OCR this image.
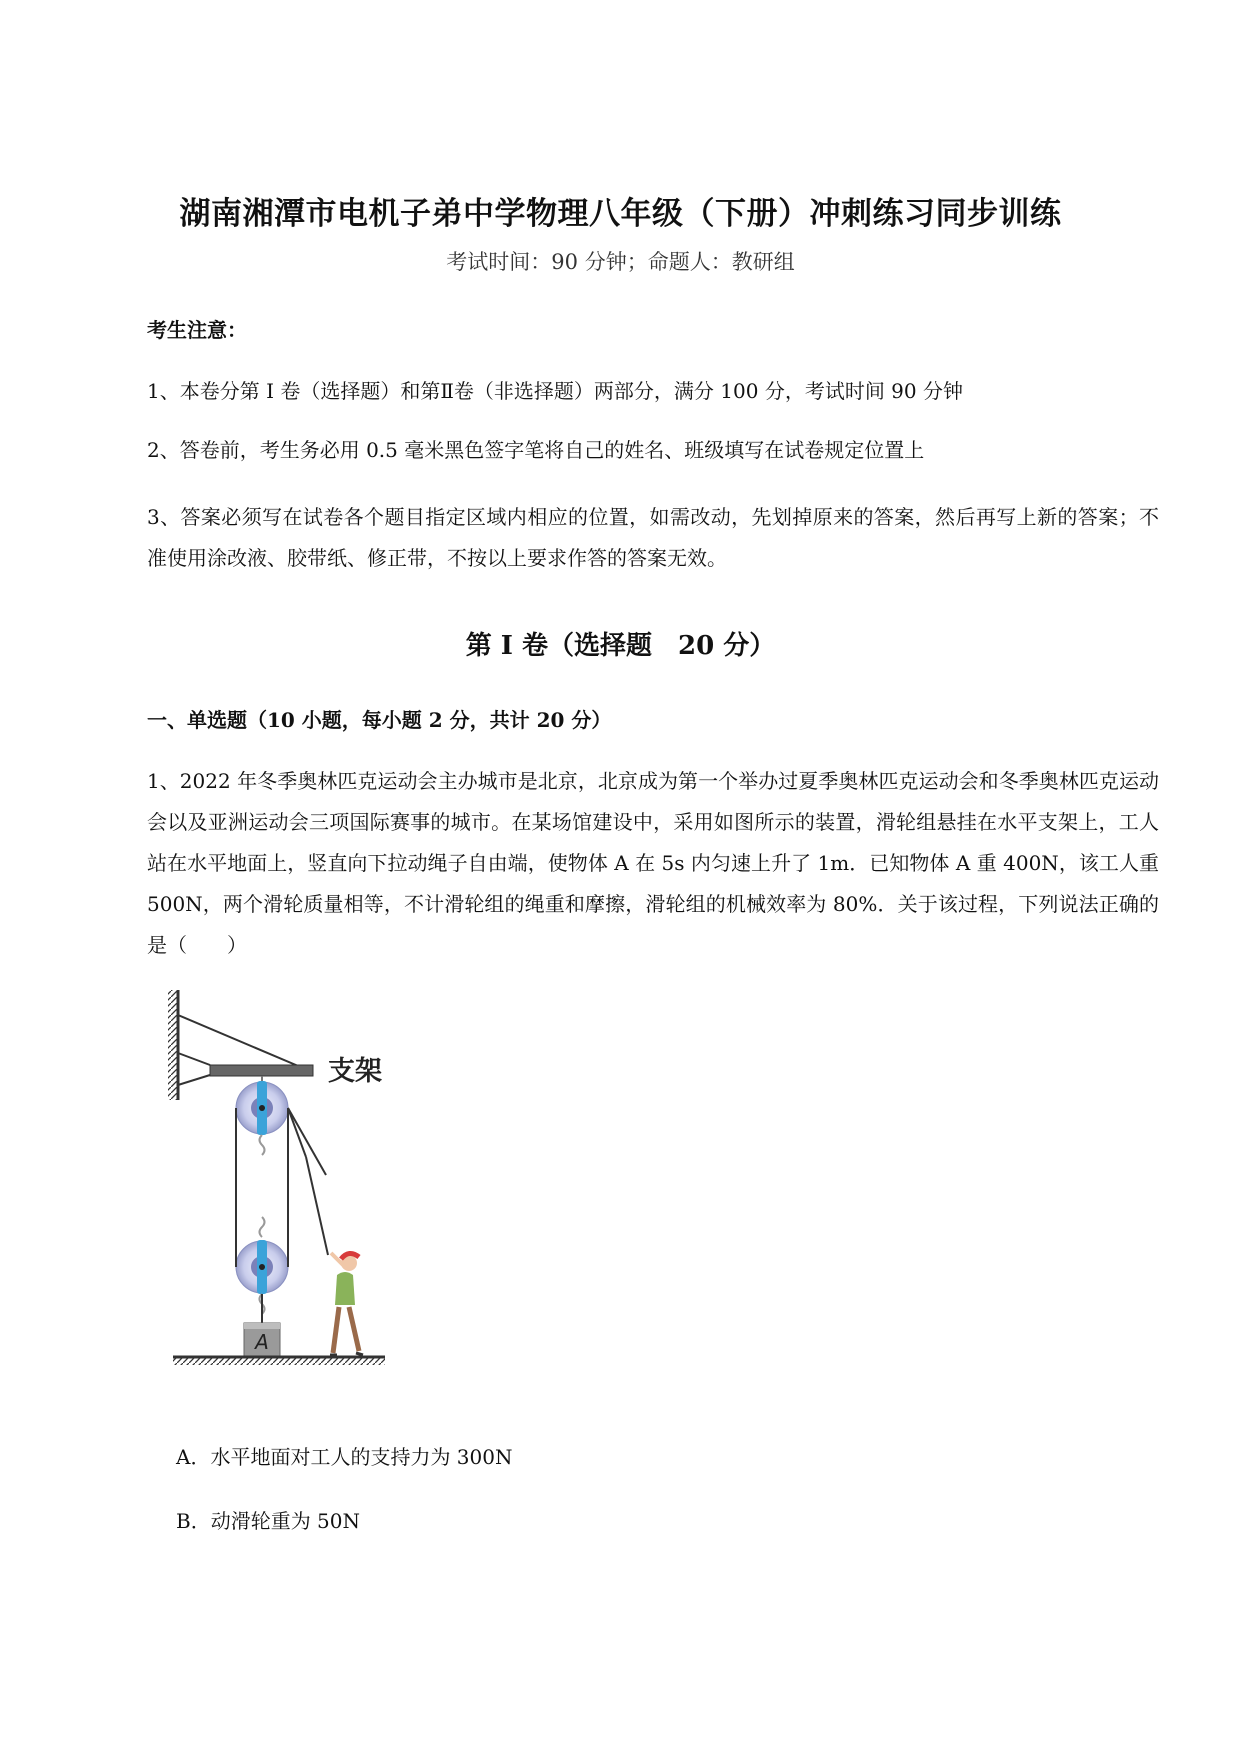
湖南湘潭市电机子弟中学物理八年级（下册）冲刺练习同步训练
考试时间：90 分钟；命题人：教研组
考生注意：
1、本卷分第 I 卷（选择题）和第Ⅱ卷（非选择题）两部分，满分 100 分，考试时间 90 分钟
2、答卷前，考生务必用 0.5 毫米黑色签字笔将自己的姓名、班级填写在试卷规定位置上
3、答案必须写在试卷各个题目指定区域内相应的位置，如需改动，先划掉原来的答案，然后再写上新的答案；不准使用涂改液、胶带纸、修正带，不按以上要求作答的答案无效。
第 I 卷（选择题　20 分）
一、单选题（10 小题，每小题 2 分，共计 20 分）
1、2022 年冬季奥林匹克运动会主办城市是北京，北京成为第一个举办过夏季奥林匹克运动会和冬季奥林匹克运动会以及亚洲运动会三项国际赛事的城市。在某场馆建设中，采用如图所示的装置，滑轮组悬挂在水平支架上，工人站在水平地面上，竖直向下拉动绳子自由端，使物体 A 在 5s 内匀速上升了 1m．已知物体 A 重 400N，该工人重 500N，两个滑轮质量相等，不计滑轮组的绳重和摩擦，滑轮组的机械效率为 80%．关于该过程，下列说法正确的是（　　）
支架
A
A．水平地面对工人的支持力为 300N
B．动滑轮重为 50N
